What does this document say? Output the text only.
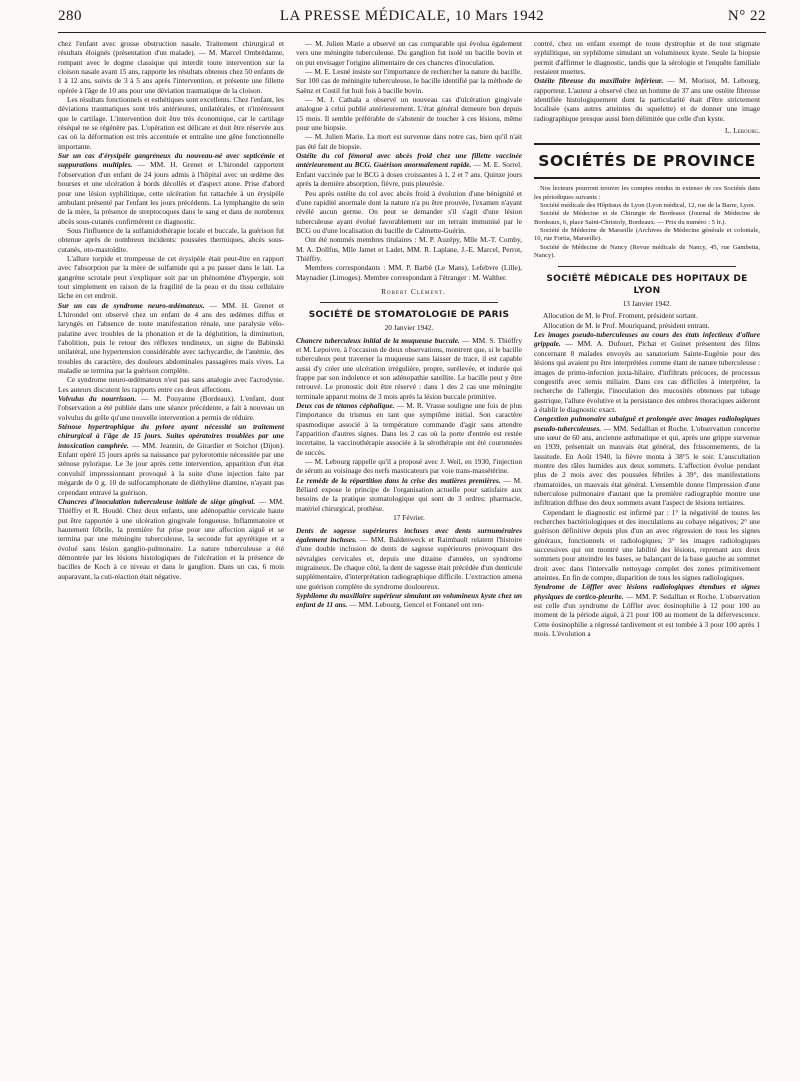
280	LA PRESSE MÉDICALE, 10 Mars 1942	N° 22

chez l'enfant avec grosse obstruction nasale. Traitement chirurgical et résultats éloignés (présentation d'un malade). — M. Marcel Ombrédanne, rompant avec le dogme classique qui interdit toute intervention sur la cloison nasale avant 15 ans, rapporte les résultats obtenus chez 50 enfants de 1 à 12 ans, suivis de 3 à 5 ans après l'intervention, et présente une fillette opérée à l'âge de 10 ans pour une déviation traumatique de la cloison.

Les résultats fonctionnels et esthétiques sont excellents. Chez l'enfant, les déviations traumatiques sont très antérieures, unilatérales, et n'intéressent que le cartilage. L'intervention doit être très économique, car le cartilage réséqué ne se régénère pas. L'opération est délicate et doit être réservée aux cas où la déformation est très accentuée et entraîne une gêne fonctionnelle importante.

Sur un cas d'érysipèle gangréneux du nouveau-né avec septicémie et suppurations multiples. — MM. H. Grenet et L'hirondel rapportent l'observation d'un enfant de 24 jours admis à l'hôpital avec un œdème des bourses et une ulcération à bords décollés et d'aspect atone. Prise d'abord pour une lésion syphilitique, cette ulcération fut rattachée à un érysipèle ambulant présenté par l'enfant les jours précédents. La lymphangite du sein de la mère, la présence de streptocoques dans le sang et dans de nombreux abcès sous-cutanés confirmèrent ce diagnostic.

Sous l'influence de la sulfamidothérapie locale et buccale, la guérison fut obtenue après de nombreux incidents: poussées thermiques, abcès sous-cutanés, oto-mastoïdite.

L'allure torpide et trompeuse de cet érysipèle était peut-être en rapport avec l'absorption par la mère de sulfamide qui a pu passer dans le lait. La gangrène scrotale peut s'expliquer soit par un phénomène d'hypergie, soit tout simplement en raison de la fragilité de la peau et du tissu cellulaire lâche en cet endroit.

Sur un cas de syndrome neuro-œdémateux. — MM. H. Grenet et L'hirondel ont observé chez un enfant de 4 ans des œdèmes diffus et laryngés en l'absence de toute manifestation rénale, une paralysie vélo-palatine avec troubles de la phonation et de la déglutition, la diminution, l'abolition, puis le retour des réflexes tendineux, un signe de Babinski unilatéral, une hypertension considérable avec tachycardie, de l'anémie, des troubles du caractère, des douleurs abdominales passagères mais vives. La maladie se termina par la guérison complète.

Ce syndrome neuro-œdémateux n'est pas sans analogie avec l'acrodynie. Les auteurs discutent les rapports entre ces deux affections.

Volvulus du nourrisson. — M. Pouyanne (Bordeaux). L'enfant, dont l'observation a été publiée dans une séance précédente, a fait à nouveau un volvulus du grêle qu'une nouvelle intervention a permis de réduire.

Sténose hypertrophique du pylore ayant nécessité un traitement chirurgical à l'âge de 15 jours. Suites opératoires troublées par une intoxication camphrée. — MM. Jeannin, de Girardier et Soichot (Dijon). Enfant opéré 15 jours après sa naissance par pylorotomie nécessitée par une sténose pylorique. Le 3e jour après cette intervention, apparition d'un état convulsif impressionnant provoqué à la suite d'une injection faite par mégarde de 0 g. 10 de sulfocamphonate de diéthylène diamine, n'ayant pas cependant entravé la guérison.

Chancres d'inoculation tuberculeuse initiale de siège gingival. — MM. Thiéffry et R. Houdé. Chez deux enfants, une adénopathie cervicale haute put être rapportée à une ulcération gingivale fongueuse. Inflammatoire et hautement fébrile, la première fut prise pour une affection aiguë et se termina par une méningite tuberculeuse, la seconde fut apyrétique et a évolué sans lésion ganglio-pulmonaire. La nature tuberculeuse a été démontrée par les lésions histologiques de l'ulcération et la présence de bacilles de Koch à ce niveau et dans le ganglion. Dans un cas, 6 mois auparavant, la cuti-réaction était négative.

— M. Julien Marie a observé un cas comparable qui évolua également vers une méningite tuberculeuse. Du ganglion fut isolé un bacille bovin et on put envisager l'origine alimentaire de ces chancres d'inoculation.

— M. E. Lesné insiste sur l'importance de rechercher la nature du bacille. Sur 100 cas de méningite tuberculeuse, le bacille identifié par la méthode de Saënz et Costil fut huit fois à bacille bovin.

— M. J. Cathala a observé un nouveau cas d'ulcération gingivale analogue à celui publié antérieurement. L'état général demeure bon depuis 15 mois. Il semble préférable de s'abstenir de toucher à ces lésions, même pour une biopsie.

— M. Julien Marie. La mort est survenue dans notre cas, bien qu'il n'ait pas été fait de biopsie.

Ostéite du col fémoral avec abcès froid chez une fillette vaccinée antérieurement au BCG. Guérison anormalement rapide. — M. E. Sorrel. Enfant vaccinée par le BCG à doses croissantes à 1, 2 et 7 ans. Quinze jours après la dernière absorption, fièvre, puis pleurésie.

Peu après ostéite du col avec abcès froid à évolution d'une bénignité et d'une rapidité anormale dont la nature n'a pu être prouvée, l'examen n'ayant révélé aucun germe. On peut se demander s'il s'agit d'une lésion tuberculeuse ayant évolué favorablement sur un terrain immunisé par le BCG ou d'une localisation du bacille de Calmette-Guérin.

Ont été nommés membres titulaires : M. P. Auzépy, Mlle M.-T. Comby, M. A. Dollfus, Mlle Jamet et Ladet, MM. R. Laplane, J.-E. Marcel, Perrot, Thiéffry.

Membres correspondants : MM. P. Barbé (Le Mans), Lefebvre (Lille), Maynadier (Limoges). Membre correspondant à l'étranger : M. Walther.

Robert Clément.

SOCIÉTÉ DE STOMATOLOGIE DE PARIS
20 Janvier 1942.

Chancre tuberculeux initial de la muqueuse buccale. — MM. S. Thiéffry et M. Lepoivre, à l'occasion de deux observations, montrent que, si le bacille tuberculeux peut traverser la muqueuse sans laisser de trace, il est capable aussi d'y créer une ulcération irrégulière, propre, surélevée, et indurée qui frappe par son indolence et son adénopathie satellite. Le bacille peut y être retrouvé. Le pronostic doit être réservé : dans 1 des 2 cas une méningite terminale apparut moins de 3 mois après la lésion buccale primitive.

Deux cas de tétanos céphalique. — M. R. Vrasse souligne une fois de plus l'importance du trismus en tant que symptôme initial. Son caractère spasmodique associé à la température commande d'agir sans attendre l'apparition d'autres signes. Dans les 2 cas où la porte d'entrée est restée incertaine, la vaccinothérapie associée à la sérothérapie ont été couronnées de succès.

— M. Lebourg rappelle qu'il a proposé avec J. Weil, en 1930, l'injection de sérum au voisinage des nerfs masticateurs par voie trans-massétérine.

Le remède de la répartition dans la crise des matières premières. — M. Béliard expose le principe de l'organisation actuelle pour satisfaire aux besoins de la pratique stomatologique qui sont de 3 ordres: pharmacie, matériel chirurgical, prothèse.

17 Février.

Dents de sagesse supérieures incluses avec dents surnuméraires également incluses. — MM. Baldenweck et Raimbault relatent l'histoire d'une double inclusion de dents de sagesse supérieures provoquant des névralgies cervicales et, depuis une dizaine d'années, un syndrome migraineux. De chaque côté, la dent de sagesse était précédée d'un denticule supplémentaire, d'interprétation radiographique difficile. L'extraction amena une guérison complète du syndrome douloureux.

Syphilome du maxillaire supérieur simulant un volumineux kyste chez un enfant de 11 ans. — MM. Lebourg, Gencel et Fontanel ont ren-

contré, chez un enfant exempt de toute dystrophie et de tout stigmate syphilitique, un syphilome simulant un volumineux kyste. Seule la biopsie permit d'affirmer le diagnostic, tandis que la sérologie et l'enquête familiale restaient muettes.

Ostéite fibreuse du maxillaire inférieur. — M. Morisot, M. Lebourg, rapporteur. L'auteur a observé chez un homme de 37 ans une ostéite fibreuse identifiée histologiquement dont la particularité était d'être strictement localisée (sans autres atteintes du squelette) et de donner une image radiographique presque aussi bien délimitée que celle d'un kyste.

L. Lebourg.

SOCIÉTÉS DE PROVINCE

Nos lecteurs pourront trouver les comptes rendus in extenso de ces Sociétés dans les périodiques suivants :

Société médicale des Hôpitaux de Lyon (Lyon médical, 12, rue de la Barre, Lyon.

Société de Médecine et de Chirurgie de Bordeaux (Journal de Médecine de Bordeaux, 6, place Saint-Christoly, Bordeaux. — Prix du numéro : 5 fr.).

Société de Médecine de Marseille (Archives de Médecine générale et coloniale, 10, rue Fortia, Marseille).

Société de Médecine de Nancy (Revue médicale de Nancy, 45, rue Gambetta, Nancy).

SOCIÉTÉ MÉDICALE DES HOPITAUX DE LYON
13 Janvier 1942.

Allocution de M. le Prof. Froment, président sortant.

Allocution de M. le Prof. Mouriquand, président entrant.

Les images pseudo-tuberculeuses au cours des états infectieux d'allure grippale. — MM. A. Dufourt, Pichat et Guinet présentent des films concernant 8 malades envoyés au sanatorium Sainte-Eugénie pour des lésions qui avaient pu être interprétées comme étant de nature tuberculeuse : images de primo-infection juxta-hilaire, d'infiltrats précoces, de processus congestifs avec semis miliaire. Dans ces cas difficiles à interpréter, la recherche de l'allergie, l'inoculation des mucosités obtenues par tubage gastrique, l'allure évolutive et la persistance des ombres thoraciques aideront à établir le diagnostic exact.

Congestion pulmonaire subaiguë et prolongée avec images radiologiques pseudo-tuberculeuses. — MM. Sedallian et Roche. L'observation concerne une sœur de 60 ans, ancienne asthmatique et qui, après une grippe survenue en 1939, présentait un mauvais état général, des frissonnements, de la lassitude. En Août 1940, la fièvre monta à 38°5 le soir. L'auscultation montre des râles humides aux deux sommets. L'affection évolue pendant plus de 2 mois avec des poussées fébriles à 39°, des manifestations rhumatoïdes, un mauvais état général. L'ensemble donne l'impression d'une tuberculose pulmonaire d'autant que la première radiographie montre une infiltration diffuse des deux sommets avant l'aspect de lésions tertiaires.

Cependant le diagnostic est infirmé par : 1° la négativité de toutes les recherches bactériologiques et des inoculations au cobaye négatives; 2° une guérison définitive depuis plus d'un an avec régression de tous les signes généraux, fonctionnels et radiologiques; 3° les images radiologiques successives qui ont montré une labilité des lésions, reprenant aux deux sommets pour atteindre les bases, se balançant de la base gauche au sommet droit avec dans l'intervalle nettoyage complet des zones primitivement atteintes. En fin de compte, disparition de tous les signes radiologiques.

Syndrome de Löffler avec lésions radiologiques étendues et signes physiques de cortico-pleurite. — MM. P. Sedallian et Roche. L'observation est celle d'un syndrome de Löffler avec éosinophilie à 12 pour 100 au moment de la période aiguë, à 21 pour 100 au moment de la défervescence. Cette éosinophilie a régressé tardivement et est tombée à 3 pour 100 après 1 mois. L'évolution a
